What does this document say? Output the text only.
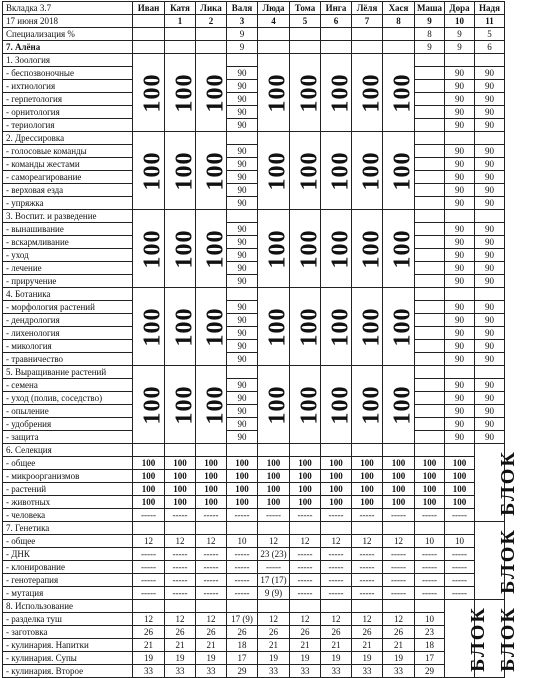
Вкладка 3.7	Иван	Катя	Лика	Валя	Люда	Тома	Инга	Лёля	Хася	Маша	Дора	Надя	
17 июня 2018		1	2	3	4	5	6	7	8	9	10	11	
Специализация %				9						8	9	5	
7. Алёна				9						9	9	6	
1. Зоология	100	100	100		100	100	100	100	100				
- беспозвоночные				90							90	90	
- ихтиология				90							90	90	
- герпетология				90							90	90	
- орнитология				90							90	90	
- териология				90							90	90	
2. Дрессировка	100	100	100		100	100	100	100	100				
- голосовые команды				90							90	90	
- команды жестами				90							90	90	
- самореагирование				90							90	90	
- верховая езда				90							90	90	
- упряжка				90							90	90	
3. Воспит. и разведение	100	100	100		100	100	100	100	100				
- вынашивание				90							90	90	
- вскармливание				90							90	90	
- уход				90							90	90	
- лечение				90							90	90	
- приручение				90							90	90	
4. Ботаника	100	100	100		100	100	100	100	100				
- морфология растений				90							90	90	
- дендрология				90							90	90	
- лихенология				90							90	90	
- микология				90							90	90	
- травничество				90							90	90	
5. Выращивание растений	100	100	100		100	100	100	100	100				
- семена				90							90	90	
- уход (полив, соседство)				90							90	90	
- опыление				90							90	90	
- удобрения				90							90	90	
- защита				90							90	90	
6. Селекция												БЛОК	
- общее	100	100	100	100	100	100	100	100	100	100	100		
- микроорганизмов	100	100	100	100	100	100	100	100	100	100	100		
- растений	100	100	100	100	100	100	100	100	100	100	100		
- животных	100	100	100	100	100	100	100	100	100	100	100		
- человека	-----	-----	-----	-----	-----	-----	-----	-----	-----	-----	-----		
7. Генетика												БЛОК	
- общее	12	12	12	10	12	12	12	12	12	10	10		
- ДНК	-----	-----	-----	-----	23 (23)	-----	-----	-----	-----	-----	-----		
- клонирование	-----	-----	-----	-----	-----	-----	-----	-----	-----	-----	-----		
- генотерапия	-----	-----	-----	-----	17 (17)	-----	-----	-----	-----	-----	-----		
- мутация	-----	-----	-----	-----	9 (9)	-----	-----	-----	-----	-----	-----		
8. Использование											БЛОК	БЛОК	
- разделка туш	12	12	12	17 (9)	12	12	12	12	12	10			
- заготовка	26	26	26	26	26	26	26	26	26	23			
- кулинария. Напитки	21	21	21	18	21	21	21	21	21	18			
- кулинария. Супы	19	19	19	17	19	19	19	19	19	17			
- кулинария. Второе	33	33	33	29	33	33	33	33	33	29			
